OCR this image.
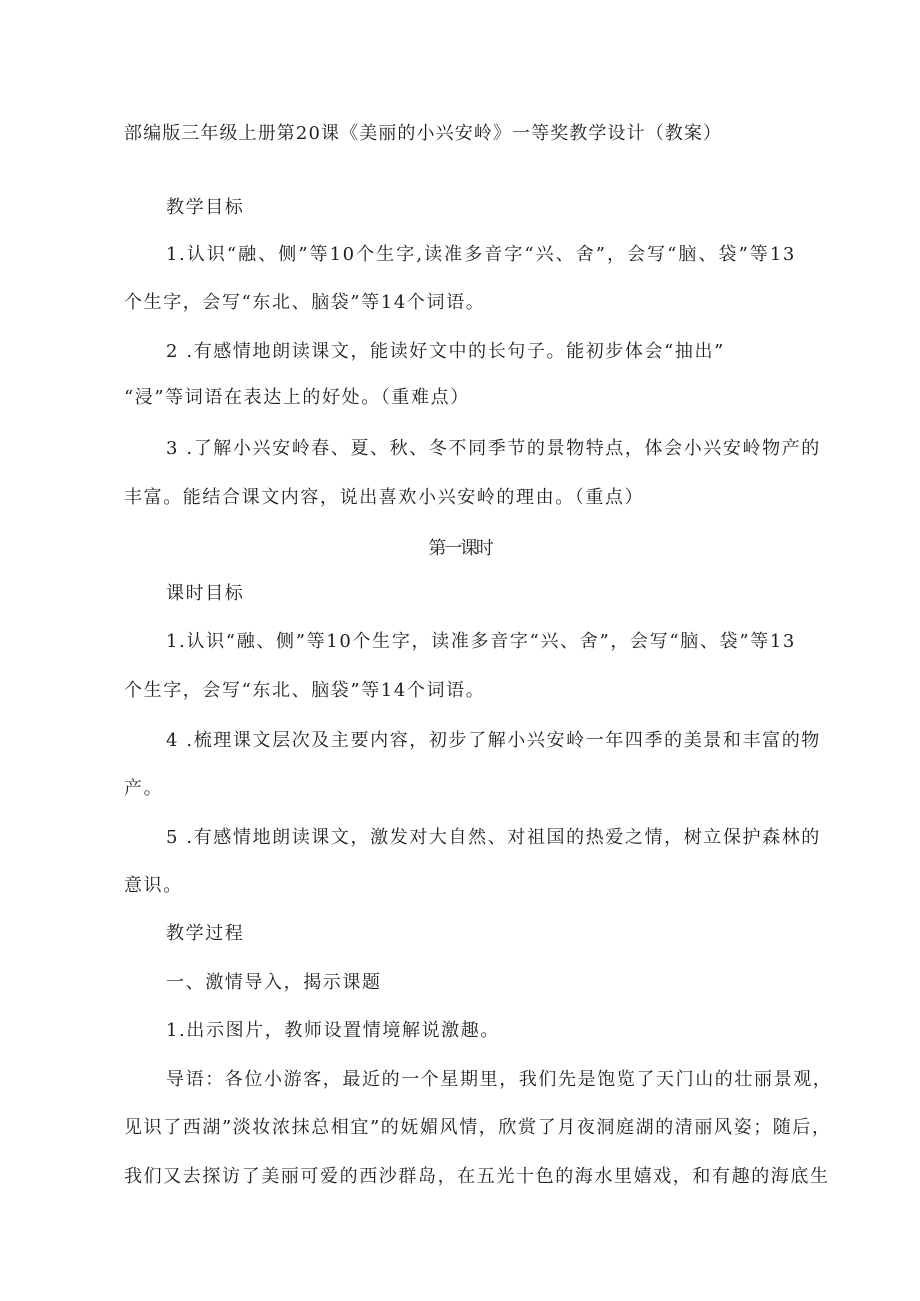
部编版三年级上册第20课《美丽的小兴安岭》一等奖教学设计（教案）
教学目标
1.认识“融、侧”等10个生字,读准多音字“兴、舍”，会写“脑、袋”等13
个生字，会写“东北、脑袋”等14个词语。
2 .有感情地朗读课文，能读好文中的长句子。能初步体会“抽出”
“浸”等词语在表达上的好处。（重难点）
3 .了解小兴安岭春、夏、秋、冬不同季节的景物特点，体会小兴安岭物产的
丰富。能结合课文内容，说出喜欢小兴安岭的理由。（重点）
第一课时
课时目标
1.认识“融、侧”等10个生字，读准多音字“兴、舍”，会写“脑、袋”等13
个生字，会写“东北、脑袋”等14个词语。
4 .梳理课文层次及主要内容，初步了解小兴安岭一年四季的美景和丰富的物
产。
5 .有感情地朗读课文，激发对大自然、对祖国的热爱之情，树立保护森林的
意识。
教学过程
一、激情导入，揭示课题
1.出示图片，教师设置情境解说激趣。
导语：各位小游客，最近的一个星期里，我们先是饱览了天门山的壮丽景观，
见识了西湖”淡妆浓抹总相宜”的妩媚风情，欣赏了月夜洞庭湖的清丽风姿；随后，
我们又去探访了美丽可爱的西沙群岛，在五光十色的海水里嬉戏，和有趣的海底生
